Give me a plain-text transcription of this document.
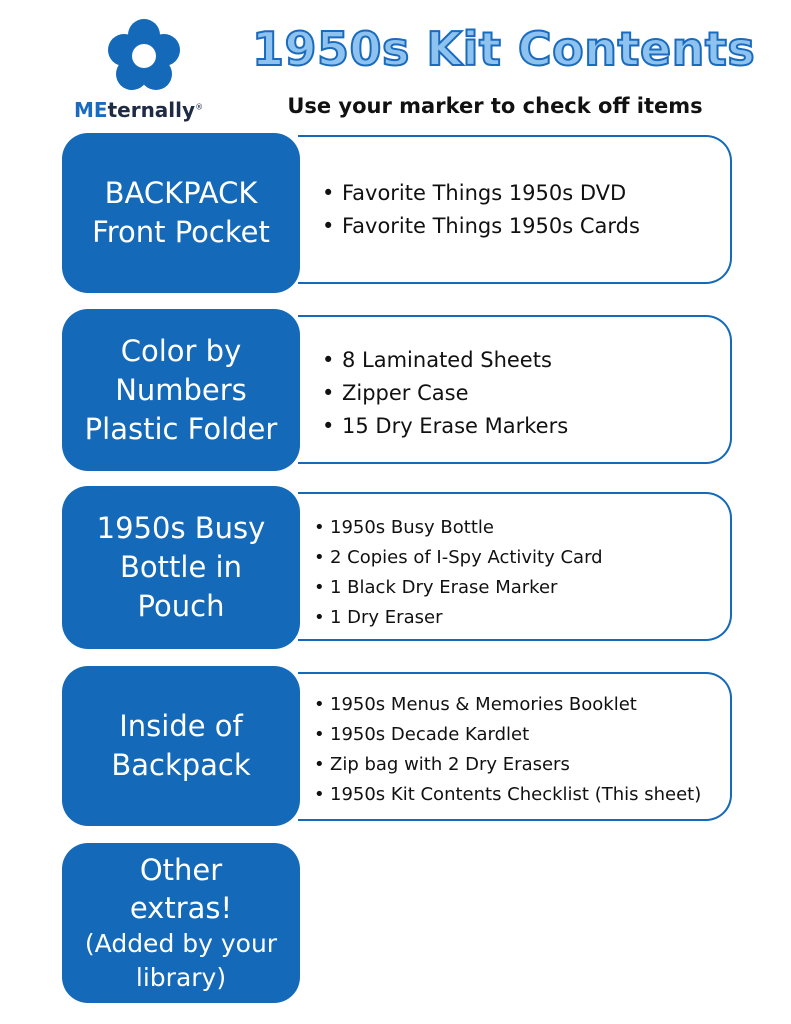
MEternally®
1950s Kit Contents
Use your marker to check off items
BACKPACK
Front Pocket
• Favorite Things 1950s DVD
• Favorite Things 1950s Cards
Color by
Numbers
Plastic Folder
• 8 Laminated Sheets
• Zipper Case
• 15 Dry Erase Markers
1950s Busy
Bottle in
Pouch
• 1950s Busy Bottle
• 2 Copies of I-Spy Activity Card
• 1 Black Dry Erase Marker
• 1 Dry Eraser
Inside of
Backpack
• 1950s Menus & Memories Booklet
• 1950s Decade Kardlet
• Zip bag with 2 Dry Erasers
• 1950s Kit Contents Checklist (This sheet)
Other
extras!
(Added by your
library)
